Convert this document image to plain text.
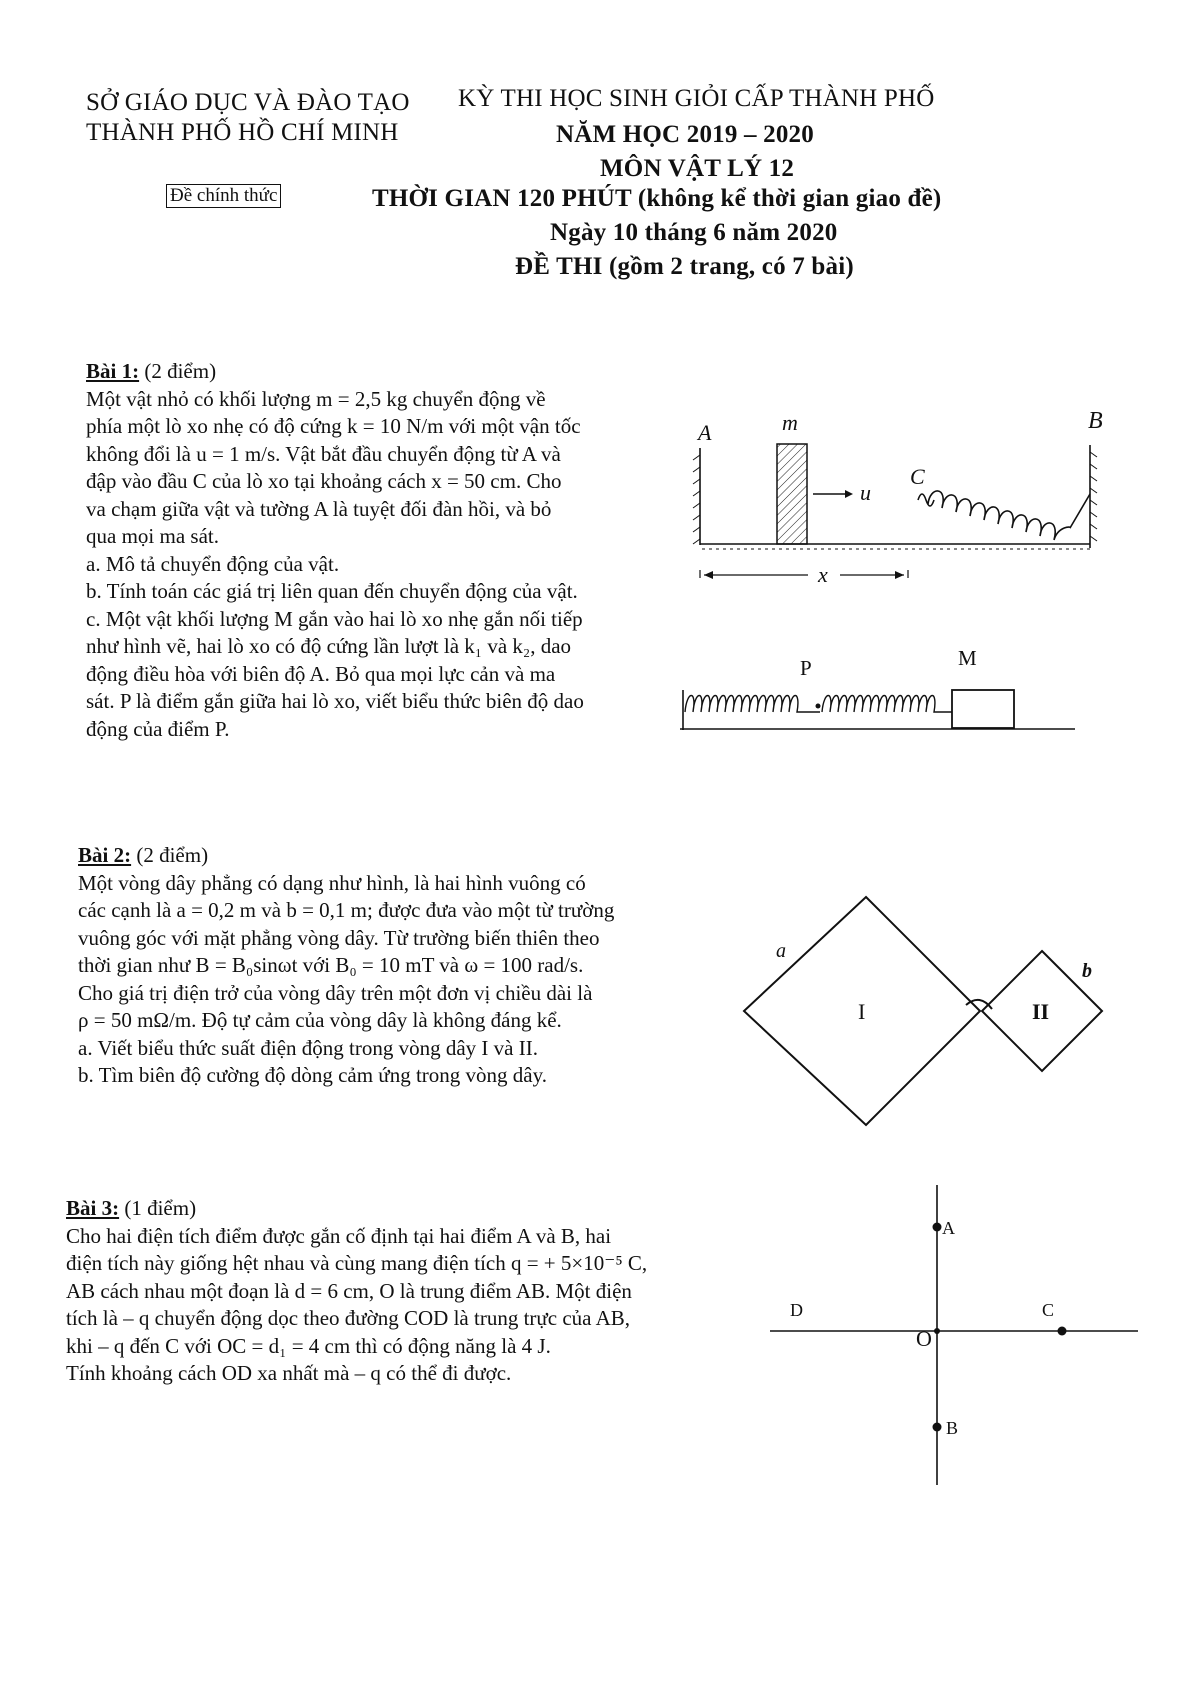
SỞ GIÁO DỤC VÀ ĐÀO TẠO
THÀNH PHỐ HỒ CHÍ MINH
KỲ THI HỌC SINH GIỎI CẤP THÀNH PHỐ
NĂM HỌC 2019 – 2020
MÔN VẬT LÝ 12
Đề chính thức	THỜI GIAN 120 PHÚT (không kể thời gian giao đề)
Ngày 10 tháng 6 năm 2020
ĐỀ THI (gồm 2 trang, có 7 bài)
Bài 1: (2 điểm)

Một vật nhỏ có khối lượng m = 2,5 kg chuyển động về

phía một lò xo nhẹ có độ cứng k = 10 N/m với một vận tốc

không đổi là u = 1 m/s. Vật bắt đầu chuyển động từ A và

đập vào đầu C của lò xo tại khoảng cách x = 50 cm. Cho

va chạm giữa vật và tường A là tuyệt đối đàn hồi, và bỏ

qua mọi ma sát.

a. Mô tả chuyển động của vật.

b. Tính toán các giá trị liên quan đến chuyển động của vật.

c. Một vật khối lượng M gắn vào hai lò xo nhẹ gắn nối tiếp

như hình vẽ, hai lò xo có độ cứng lần lượt là k₁ và k₂, dao

động điều hòa với biên độ A. Bỏ qua mọi lực cản và ma

sát. P là điểm gắn giữa hai lò xo, viết biểu thức biên độ dao

động của điểm P.

A	B
m
u
C
x
P	M
Bài 2: (2 điểm)

Một vòng dây phẳng có dạng như hình, là hai hình vuông có

các cạnh là a = 0,2 m và b = 0,1 m; được đưa vào một từ trường

vuông góc với mặt phẳng vòng dây. Từ trường biến thiên theo

thời gian như B = B₀sinωt với B₀ = 10 mT và ω = 100 rad/s.

Cho giá trị điện trở của vòng dây trên một đơn vị chiều dài là

ρ = 50 mΩ/m. Độ tự cảm của vòng dây là không đáng kể.

a. Viết biểu thức suất điện động trong vòng dây I và II.

b. Tìm biên độ cường độ dòng cảm ứng trong vòng dây.

a
b
I	II
Bài 3: (1 điểm)

Cho hai điện tích điểm được gắn cố định tại hai điểm A và B, hai

điện tích này giống hệt nhau và cùng mang điện tích q = + 5×10⁻⁵ C,

AB cách nhau một đoạn là d = 6 cm, O là trung điểm AB. Một điện

tích là – q chuyển động dọc theo đường COD là trung trực của AB,

khi – q đến C với OC = d₁ = 4 cm thì có động năng là 4 J.

Tính khoảng cách OD xa nhất mà – q có thể đi được.

A
B
C
D
O
